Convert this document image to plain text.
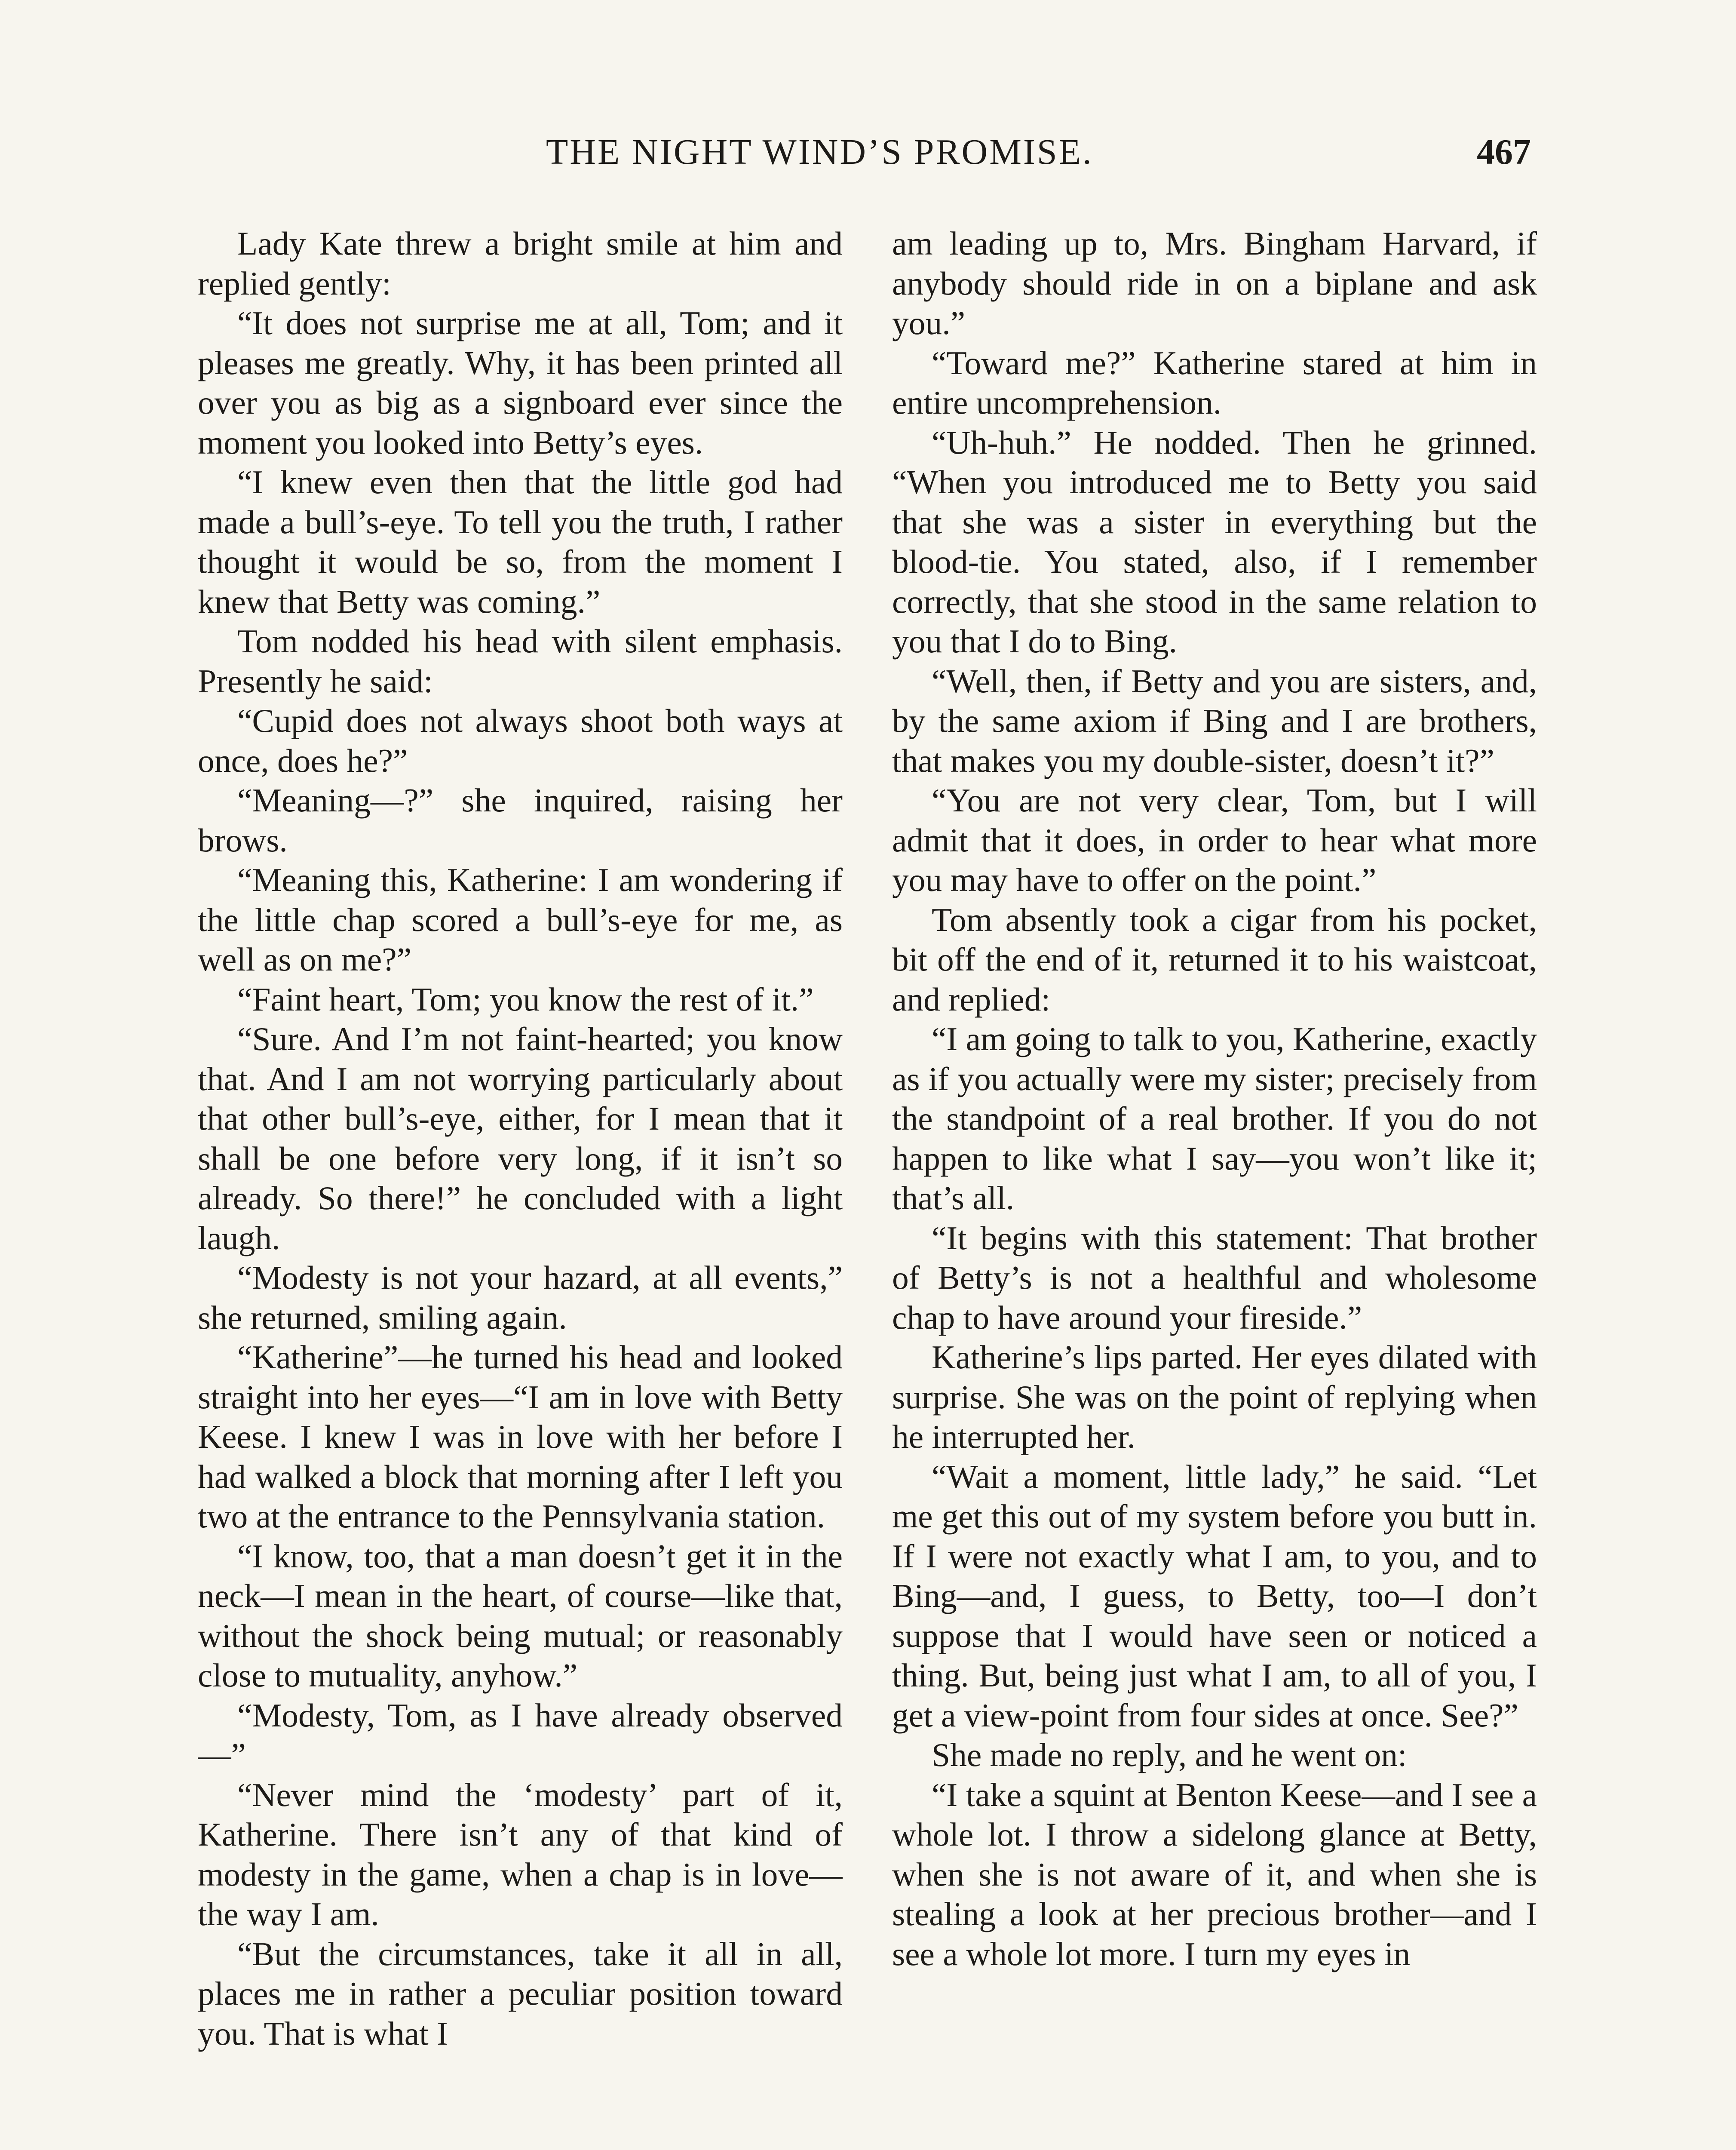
THE NIGHT WIND’S PROMISE.	467

Lady Kate threw a bright smile at him and replied gently:

“It does not surprise me at all, Tom; and it pleases me greatly. Why, it has been printed all over you as big as a signboard ever since the moment you looked into Betty’s eyes.

“I knew even then that the little god had made a bull’s-eye. To tell you the truth, I rather thought it would be so, from the moment I knew that Betty was coming.”

Tom nodded his head with silent emphasis. Presently he said:

“Cupid does not always shoot both ways at once, does he?”

“Meaning—?” she inquired, raising her brows.

“Meaning this, Katherine: I am wondering if the little chap scored a bull’s-eye for me, as well as on me?”

“Faint heart, Tom; you know the rest of it.”

“Sure. And I’m not faint-hearted; you know that. And I am not worrying particularly about that other bull’s-eye, either, for I mean that it shall be one before very long, if it isn’t so already. So there!” he concluded with a light laugh.

“Modesty is not your hazard, at all events,” she returned, smiling again.

“Katherine”—he turned his head and looked straight into her eyes—“I am in love with Betty Keese. I knew I was in love with her before I had walked a block that morning after I left you two at the entrance to the Pennsylvania station.

“I know, too, that a man doesn’t get it in the neck—I mean in the heart, of course—like that, without the shock being mutual; or reasonably close to mutuality, anyhow.”

“Modesty, Tom, as I have already observed—”

“Never mind the ‘modesty’ part of it, Katherine. There isn’t any of that kind of modesty in the game, when a chap is in love—the way I am.

“But the circumstances, take it all in all, places me in rather a peculiar position toward you. That is what I

am leading up to, Mrs. Bingham Harvard, if anybody should ride in on a biplane and ask you.”

“Toward me?” Katherine stared at him in entire uncomprehension.

“Uh-huh.” He nodded. Then he grinned. “When you introduced me to Betty you said that she was a sister in everything but the blood-tie. You stated, also, if I remember correctly, that she stood in the same relation to you that I do to Bing.

“Well, then, if Betty and you are sisters, and, by the same axiom if Bing and I are brothers, that makes you my double-sister, doesn’t it?”

“You are not very clear, Tom, but I will admit that it does, in order to hear what more you may have to offer on the point.”

Tom absently took a cigar from his pocket, bit off the end of it, returned it to his waistcoat, and replied:

“I am going to talk to you, Katherine, exactly as if you actually were my sister; precisely from the standpoint of a real brother. If you do not happen to like what I say—you won’t like it; that’s all.

“It begins with this statement: That brother of Betty’s is not a healthful and wholesome chap to have around your fireside.”

Katherine’s lips parted. Her eyes dilated with surprise. She was on the point of replying when he interrupted her.

“Wait a moment, little lady,” he said. “Let me get this out of my system before you butt in. If I were not exactly what I am, to you, and to Bing—and, I guess, to Betty, too—I don’t suppose that I would have seen or noticed a thing. But, being just what I am, to all of you, I get a view-point from four sides at once. See?”

She made no reply, and he went on:

“I take a squint at Benton Keese—and I see a whole lot. I throw a sidelong glance at Betty, when she is not aware of it, and when she is stealing a look at her precious brother—and I see a whole lot more. I turn my eyes in
